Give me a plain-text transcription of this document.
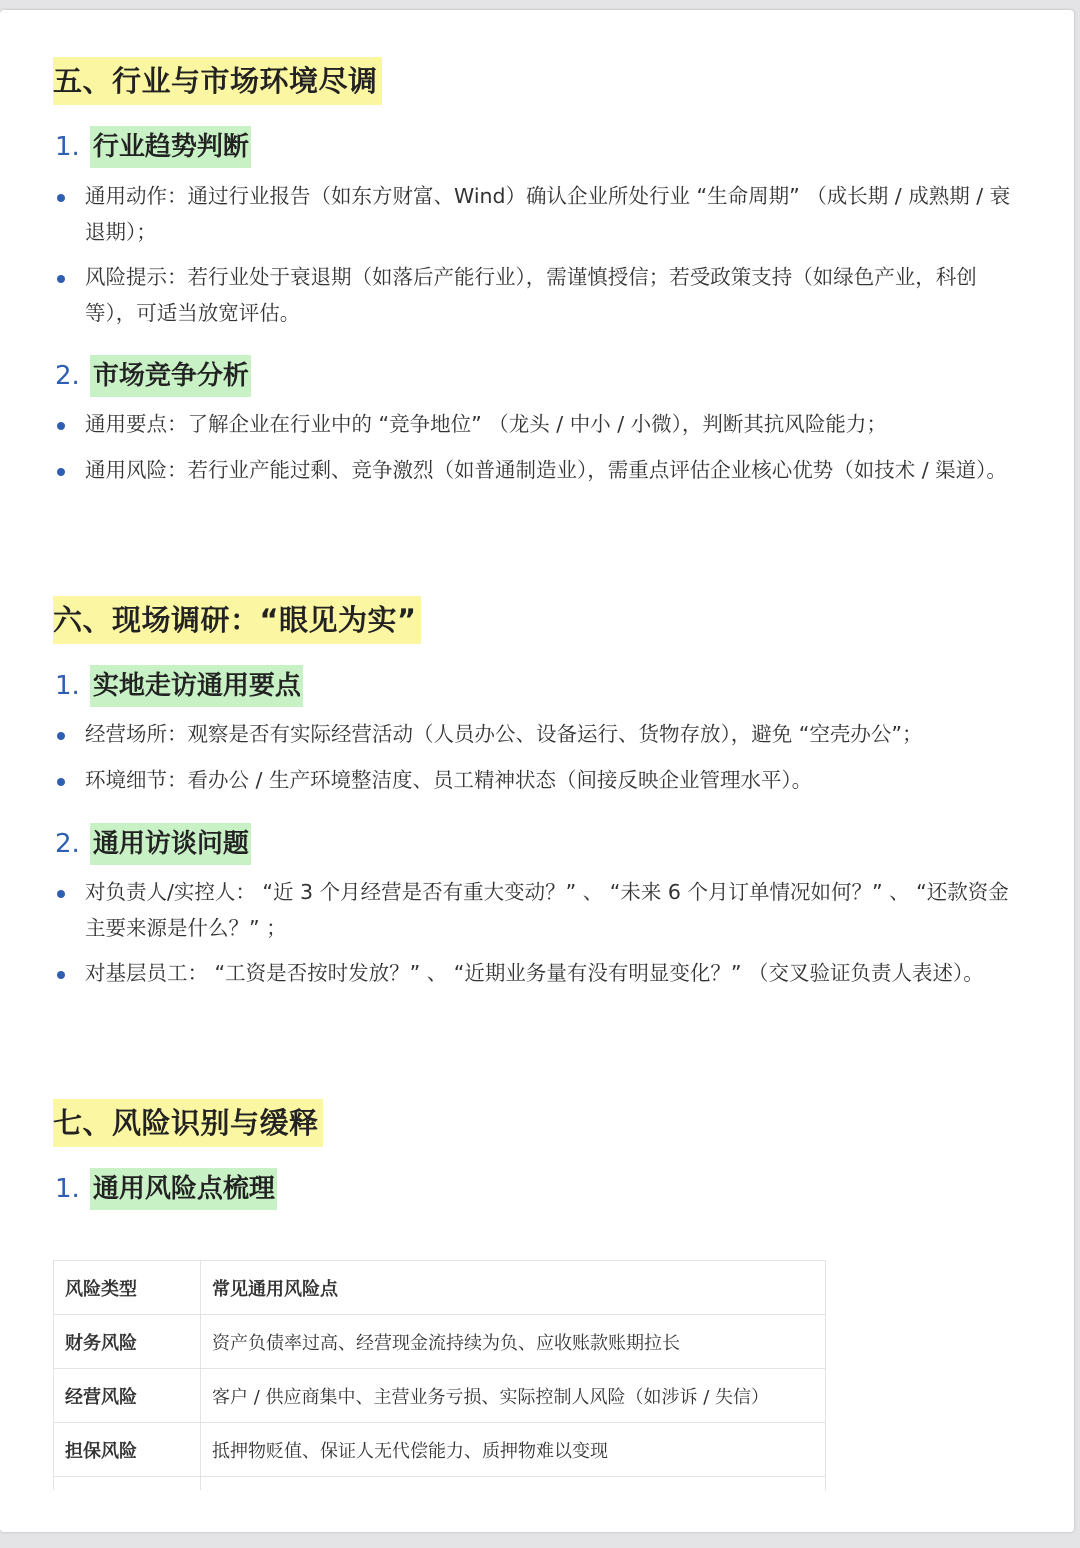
五、行业与市场环境尽调
1. 行业趋势判断
通用动作：通过行业报告（如东方财富、Wind）确认企业所处行业 “生命周期” （成长期 / 成熟期 / 衰退期）；
风险提示：若行业处于衰退期（如落后产能行业），需谨慎授信；若受政策支持（如绿色产业，科创等），可适当放宽评估。
2. 市场竞争分析
通用要点：了解企业在行业中的 “竞争地位” （龙头 / 中小 / 小微），判断其抗风险能力；
通用风险：若行业产能过剩、竞争激烈（如普通制造业），需重点评估企业核心优势（如技术 / 渠道）。
六、现场调研：“眼见为实”
1. 实地走访通用要点
经营场所：观察是否有实际经营活动（人员办公、设备运行、货物存放），避免 “空壳办公”；
环境细节：看办公 / 生产环境整洁度、员工精神状态（间接反映企业管理水平）。
2. 通用访谈问题
对负责人/实控人： “近 3 个月经营是否有重大变动？” 、 “未来 6 个月订单情况如何？” 、 “还款资金主要来源是什么？” ；
对基层员工： “工资是否按时发放？” 、 “近期业务量有没有明显变化？” （交叉验证负责人表述）。
七、风险识别与缓释
1. 通用风险点梳理
风险类型	常见通用风险点
财务风险	资产负债率过高、经营现金流持续为负、应收账款账期拉长
经营风险	客户 / 供应商集中、主营业务亏损、实际控制人风险（如涉诉 / 失信）
担保风险	抵押物贬值、保证人无代偿能力、质押物难以变现
